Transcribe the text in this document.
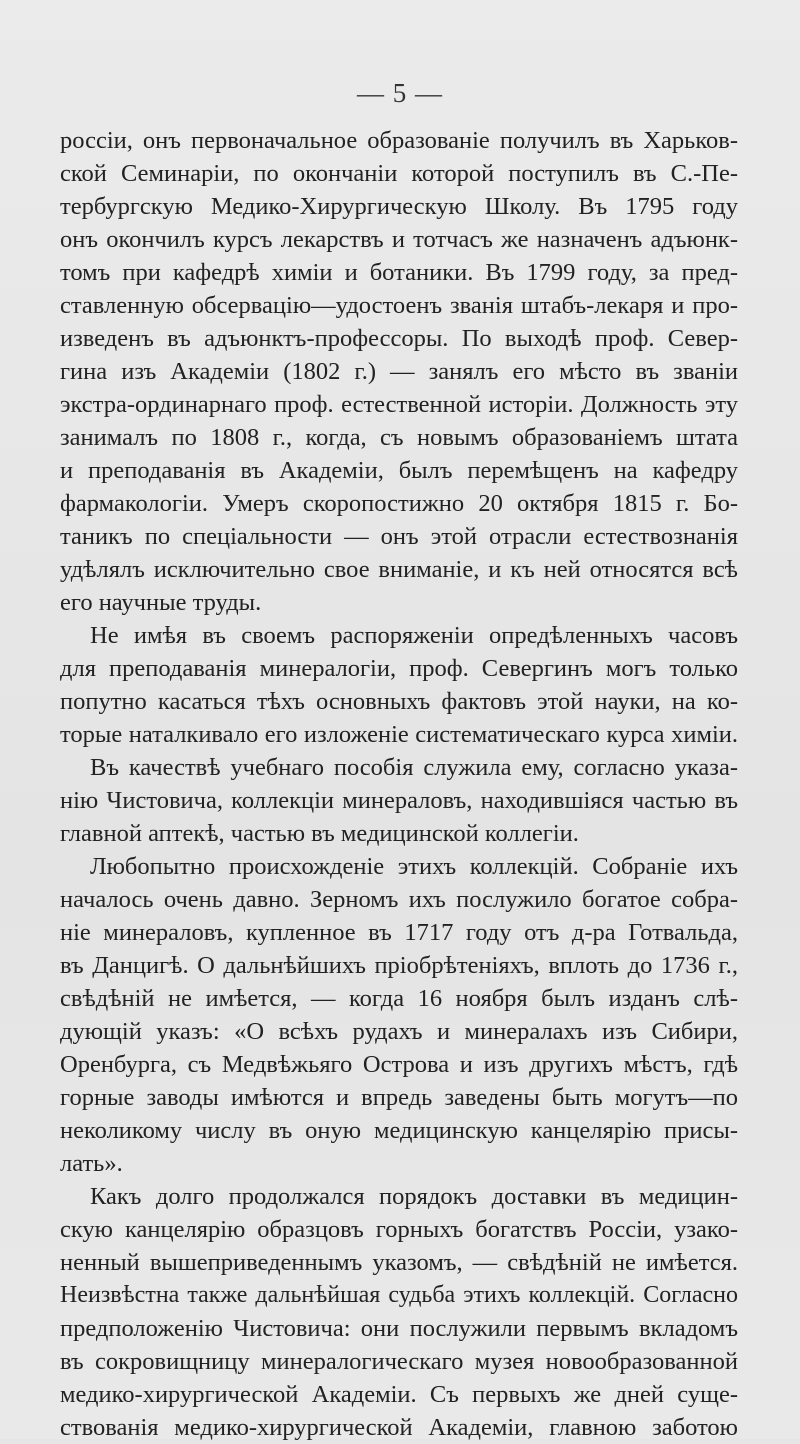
— 5 —
россіи, онъ первоначальное образованіе получилъ въ Харьков-
ской Семинаріи, по окончаніи которой поступилъ въ С.-Пе-
тербургскую Медико-Хирургическую Школу. Въ 1795 году
онъ окончилъ курсъ лекарствъ и тотчасъ же назначенъ адъюнк-
томъ при кафедрѣ химіи и ботаники. Въ 1799 году, за пред-
ставленную обсервацію—удостоенъ званія штабъ-лекаря и про-
изведенъ въ адъюнктъ-профессоры. По выходѣ проф. Север-
гина изъ Академіи (1802 г.) — занялъ его мѣсто въ званіи
экстра-ординарнаго проф. естественной исторіи. Должность эту
занималъ по 1808 г., когда, съ новымъ образованіемъ штата
и преподаванія въ Академіи, былъ перемѣщенъ на кафедру
фармакологіи. Умеръ скоропостижно 20 октября 1815 г. Бо-
таникъ по спеціальности — онъ этой отрасли естествознанія
удѣлялъ исключительно свое вниманіе, и къ ней относятся всѣ
его научные труды.
Не имѣя въ своемъ распоряженіи опредѣленныхъ часовъ
для преподаванія минералогіи, проф. Севергинъ могъ только
попутно касаться тѣхъ основныхъ фактовъ этой науки, на ко-
торые наталкивало его изложеніе систематическаго курса химіи.
Въ качествѣ учебнаго пособія служила ему, согласно указа-
нію Чистовича, коллекціи минераловъ, находившіяся частью въ
главной аптекѣ, частью въ медицинской коллегіи.
Любопытно происхожденіе этихъ коллекцій. Собраніе ихъ
началось очень давно. Зерномъ ихъ послужило богатое собра-
ніе минераловъ, купленное въ 1717 году отъ д-ра Готвальда,
въ Данцигѣ. О дальнѣйшихъ пріобрѣтеніяхъ, вплоть до 1736 г.,
свѣдѣній не имѣется, — когда 16 ноября былъ изданъ слѣ-
дующій указъ: «О всѣхъ рудахъ и минералахъ изъ Сибири,
Оренбурга, съ Медвѣжьяго Острова и изъ другихъ мѣстъ, гдѣ
горные заводы имѣются и впредь заведены быть могутъ—по
неколикому числу въ оную медицинскую канцелярію присы-
лать».
Какъ долго продолжался порядокъ доставки въ медицин-
скую канцелярію образцовъ горныхъ богатствъ Россіи, узако-
ненный вышеприведеннымъ указомъ, — свѣдѣній не имѣется.
Неизвѣстна также дальнѣйшая судьба этихъ коллекцій. Согласно
предположенію Чистовича: они послужили первымъ вкладомъ
въ сокровищницу минералогическаго музея новообразованной
медико-хирургической Академіи. Съ первыхъ же дней суще-
ствованія медико-хирургической Академіи, главною заботою
